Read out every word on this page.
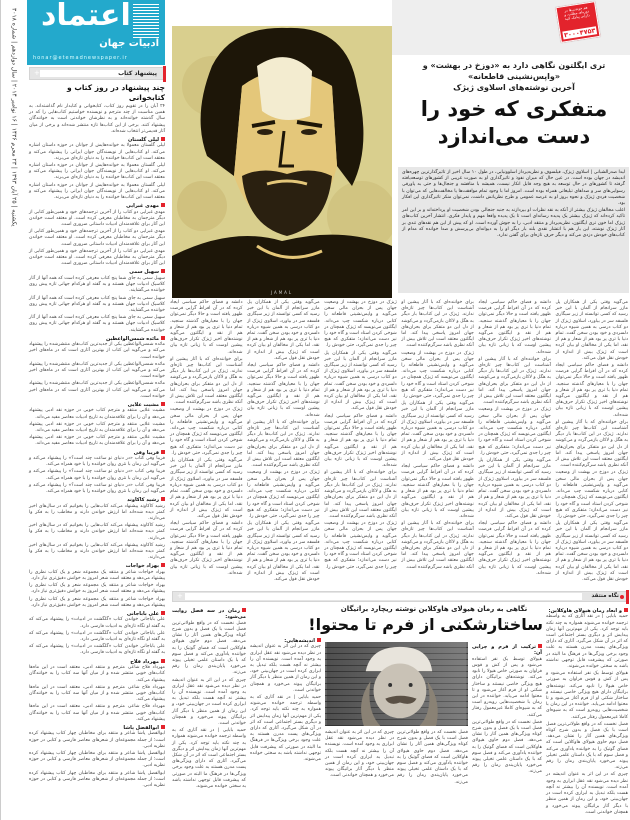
یکشنبه | ۲۵ آبان ۱۳۹۳ | ۲۳ محرم ۱۴۳۶ | ۱۶ نوامبر ۲۰۱۴ | سال دوازدهم | شماره ۳۰۱۸
اعتماد
ادبیات جهان
honar@etemadnewspaper.ir
+	پیشنهاد کتاب
چند پیشنهاد در روز کتاب و کتابخوانی

۲۴ آبان را در تقویم روز کتاب، کتابخوانی و کتابدار نام گذاشته‌اند. به همین مناسبت از چند مترجم و نویسنده خواستیم کتاب‌هایی را که در سال گذشته خوانده‌اند و به نظرشان خواندنی است به خوانندگان پیشنهاد کنند. برخی از این کتاب‌ها تازه منتشر شده‌اند و برخی از میان آثار قدیمی‌تر انتخاب شده‌اند.

لیلی گلستان

لیلی گلستان معمولا به خوانده‌هایش از جوانان در حوزه داستان اشاره می‌کند. او کتاب‌هایی از نویسندگان جوان ایرانی را پیشنهاد می‌کند و معتقد است این کتاب‌ها خواننده را به دنیای تازه‌ای می‌برند.

لیلی گلستان معمولا به خوانده‌هایش از جوانان در حوزه داستان اشاره می‌کند. او کتاب‌هایی از نویسندگان جوان ایرانی را پیشنهاد می‌کند و معتقد است این کتاب‌ها خواننده را به دنیای تازه‌ای می‌برند.

لیلی گلستان معمولا به خوانده‌هایش از جوانان در حوزه داستان اشاره می‌کند. او کتاب‌هایی از نویسندگان جوان ایرانی را پیشنهاد می‌کند و معتقد است این کتاب‌ها خواننده را به دنیای تازه‌ای می‌برند.

مهدی غبرایی

مهدی غبرایی دو کتاب را از آخرین ترجمه‌های خود و همین‌طور کتابی از دیگر مترجمان به مخاطبان معرفی کرده است. او معتقد است خواندن این آثار برای علاقه‌مندان ادبیات داستانی ضروری است.

مهدی غبرایی دو کتاب را از آخرین ترجمه‌های خود و همین‌طور کتابی از دیگر مترجمان به مخاطبان معرفی کرده است. او معتقد است خواندن این آثار برای علاقه‌مندان ادبیات داستانی ضروری است.

مهدی غبرایی دو کتاب را از آخرین ترجمه‌های خود و همین‌طور کتابی از دیگر مترجمان به مخاطبان معرفی کرده است. او معتقد است خواندن این آثار برای علاقه‌مندان ادبیات داستانی ضروری است.

سهیل سمی

سهیل سمی به جای شما پنج کتاب معرفی کرده است که همه آنها از آثار کلاسیک ادبیات جهان هستند و به گفته او هرکدام جهانی تازه پیش روی خواننده می‌گشایند.

سهیل سمی به جای شما پنج کتاب معرفی کرده است که همه آنها از آثار کلاسیک ادبیات جهان هستند و به گفته او هرکدام جهانی تازه پیش روی خواننده می‌گشایند.

سهیل سمی به جای شما پنج کتاب معرفی کرده است که همه آنها از آثار کلاسیک ادبیات جهان هستند و به گفته او هرکدام جهانی تازه پیش روی خواننده می‌گشایند.

مائده شمس‌الواعظین

مائده شمس‌الواعظین یکی از جدیدترین کتاب‌های منتشرشده را پیشنهاد می‌کند و می‌گوید این کتاب از بهترین آثاری است که در ماه‌های اخیر خوانده است.

مائده شمس‌الواعظین یکی از جدیدترین کتاب‌های منتشرشده را پیشنهاد می‌کند و می‌گوید این کتاب از بهترین آثاری است که در ماه‌های اخیر خوانده است.

مائده شمس‌الواعظین یکی از جدیدترین کتاب‌های منتشرشده را پیشنهاد می‌کند و می‌گوید این کتاب از بهترین آثاری است که در ماه‌های اخیر خوانده است.

مشیت علایی

مشیت علایی منتقد و مترجم کتاب خوبی در حوزه نقد ادبی پیشنهاد می‌دهد و آن را برای علاقه‌مندان به تاریخ ادبیات معاصر مفید می‌داند.

مشیت علایی منتقد و مترجم کتاب خوبی در حوزه نقد ادبی پیشنهاد می‌دهد و آن را برای علاقه‌مندان به تاریخ ادبیات معاصر مفید می‌داند.

مشیت علایی منتقد و مترجم کتاب خوبی در حوزه نقد ادبی پیشنهاد می‌دهد و آن را برای علاقه‌مندان به تاریخ ادبیات معاصر مفید می‌داند.

فریبا وفی

فریبا وفی کتاب «در دنیای تو ساعت چند است؟» را پیشنهاد می‌کند و می‌گوید این رمان با نثری روان خواننده را با خود همراه می‌کند.

فریبا وفی کتاب «در دنیای تو ساعت چند است؟» را پیشنهاد می‌کند و می‌گوید این رمان با نثری روان خواننده را با خود همراه می‌کند.

فریبا وفی کتاب «در دنیای تو ساعت چند است؟» را پیشنهاد می‌کند و می‌گوید این رمان با نثری روان خواننده را با خود همراه می‌کند.

رشید کاکاوند

رشید کاکاوند پیشنهاد می‌کند کتاب‌هایی را بخوانیم که در سال‌های اخیر کمتر دیده شده‌اند اما ارزش خواندن دارند و مخاطب را به فکر وا می‌دارند.

رشید کاکاوند پیشنهاد می‌کند کتاب‌هایی را بخوانیم که در سال‌های اخیر کمتر دیده شده‌اند اما ارزش خواندن دارند و مخاطب را به فکر وا می‌دارند.

رشید کاکاوند پیشنهاد می‌کند کتاب‌هایی را بخوانیم که در سال‌های اخیر کمتر دیده شده‌اند اما ارزش خواندن دارند و مخاطب را به فکر وا می‌دارند.

بهزاد خواجات

بهزاد خواجات شاعر و منتقد یک مجموعه شعر و یک کتاب نظری را پیشنهاد می‌دهد و معتقد است شعر امروز به خوانش دقیق‌تری نیاز دارد.

بهزاد خواجات شاعر و منتقد یک مجموعه شعر و یک کتاب نظری را پیشنهاد می‌دهد و معتقد است شعر امروز به خوانش دقیق‌تری نیاز دارد.

بهزاد خواجات شاعر و منتقد یک مجموعه شعر و یک کتاب نظری را پیشنهاد می‌دهد و معتقد است شعر امروز به خوانش دقیق‌تری نیاز دارد.

علی باباجانی

علی باباجانی خواندن کتاب «گلگشت در ادبیات» را پیشنهاد می‌کند که به گفته او نگاه تازه‌ای به ادبیات فارسی دارد.

علی باباجانی خواندن کتاب «گلگشت در ادبیات» را پیشنهاد می‌کند که به گفته او نگاه تازه‌ای به ادبیات فارسی دارد.

علی باباجانی خواندن کتاب «گلگشت در ادبیات» را پیشنهاد می‌کند که به گفته او نگاه تازه‌ای به ادبیات فارسی دارد.

مهرداد فلاح

مهرداد فلاح شاعر، مترجم و منتقد ادبی، معتقد است در این ماه‌ها کتاب‌های خوبی منتشر شده و از میان آنها سه کتاب را به خوانندگان پیشنهاد می‌کند.

مهرداد فلاح شاعر، مترجم و منتقد ادبی، معتقد است در این ماه‌ها کتاب‌های خوبی منتشر شده و از میان آنها سه کتاب را به خوانندگان پیشنهاد می‌کند.

مهرداد فلاح شاعر، مترجم و منتقد ادبی، معتقد است در این ماه‌ها کتاب‌های خوبی منتشر شده و از میان آنها سه کتاب را به خوانندگان پیشنهاد می‌کند.

ابوالفضل پاشا

ابوالفضل پاشا شاعر و منتقد برای مخاطبان چهار کتاب پیشنهاد کرده است؛ از جمله مجموعه‌ای از شعرهای معاصر فارسی و کتابی در حوزه نظریه ادبی.

ابوالفضل پاشا شاعر و منتقد برای مخاطبان چهار کتاب پیشنهاد کرده است؛ از جمله مجموعه‌ای از شعرهای معاصر فارسی و کتابی در حوزه نظریه ادبی.

ابوالفضل پاشا شاعر و منتقد برای مخاطبان چهار کتاب پیشنهاد کرده است؛ از جمله مجموعه‌ای از شعرهای معاصر فارسی و کتابی در حوزه نظریه ادبی.

هم خوندنی‌ها در دوره‌ای مطلب، و دارایی پیامک کنید
۳۰۰۰۴۷۵۳
JAMAL
تری ایگلتون نگاهی دارد به «دوزخ در بهشت» و «واپس‌نشینی قاطعانه»
آخرین نوشته‌های اسلاوی ژیژک
متفکری که خود را
دست می‌اندازد

لیدا صدرالشبانی | اسلاوی ژیژک، فیلسوف و نظریه‌پرداز اسلوونیایی، در طول ۱۰ سال اخیر از تاثیرگذارترین چهره‌های اندیشه در جهان بوده است. در عین حال که میزان نفوذ و تاثیرگذاری او به صورت غریبی از کشورهای توسعه‌یافته گرفته تا کشورهای در حال توسعه به هیچ وجه قابل انکار نیست، همیشه با مناقشه و جنجال‌ها و حتی به پاورقی رسوایی‌های سر و صداهای تبلیغاتی همراه بوده است. امروز اما با وجود تمام موافقت‌ها یا مخالفت‌هایی که می‌توان با شخصیت فردی ژیژک و نحوه بروز او به عرصه عمومی و طرح نظریاتش داشت، نمی‌توان منکر تاثیرگذاری این افکار بود.

اغلب مخالفان ژیژک بیشتر از آنکه به نقد نظرات او بپردازند به جنبه جنجالی بودن شخصیت او پرداخته‌اند و بر این امر تاکید کرده‌اند که ژیژک بیشتر یک پدیده رسانه‌ای است تا یک پدیده واقعا مهم و پایدار فکری. انتشار آخرین کتاب‌های ژیژک اما خون تری ایگلتون، نظریه‌پرداز و منتقد ادبی، را به جوش آورده است. او که پیش از این هم نقدهای تندی بر آثار ژیژک نوشته، این بار هم با انتشار نقدی بلند بار دیگر او را به دیوانه‌ای بی‌پرسش و صدا خوانده که مدام از کتاب‌های خودش دزدی می‌کند و دیگر حرف تازه‌ای برای گفتن ندارد.

می‌گوید وقتی یکی از همکاران پل مازر سرانجام از آلمان با این خبر رسید که کسی توانسته از زیر سیگاری فلسفه سر در بیاورد، اسلاوی ژیژک از دو کتاب درسی به همین شیوه درباره دلسردی و خود بودن سخن گفت. تمام دنیا با تری پر بود هم از شعار و هم از نقد، اما یکی از مخالفان او بیان کرده است که ژیژک بیش از اندازه از خودش نقل قول می‌کند.

دانشه و فضای حاکم سیاسی ایجاد کرده که در آن افراط گرایی فرصت ظهور یافته است و حالا دیگر نمی‌توان جهان را با معیارهای گذشته سنجید. تمام دنیا با تری پر بود هم از شعار و هم از نقد و ایگلتون می‌گوید نوشته‌های اخیر ژیژک تکرار حرف‌های پیشین اوست که با زبانی تازه بیان شده‌اند.

برای خواننده‌ای که با آثار پیشین او آشناست این کتاب‌ها چیز تازه‌ای ندارند. ژیژک در این کتاب‌ها بار دیگر به هگل و لاکان بازمی‌گردد و می‌کوشد از دل این دو متفکر برای بحران‌های جهان امروز پاسخی پیدا کند. اما ایگلتون معتقد است این تلاش بیش از آنکه نظری باشد سرگرم‌کننده است.

ژیژک در دوزخ در بهشت از وضعیت جهان پس از بحران مالی سخن می‌گوید و واپس‌نشینی قاطعانه را کتابی درباره شکست چپ می‌داند. ایگلتون می‌نویسد که ژیژک همچنان در شوخی کردن استاد است و گاه خود را نیز دست می‌اندازد؛ متفکری که هیچ چیز را جدی نمی‌گیرد، حتی خودش را.

می‌گوید وقتی یکی از همکاران پل مازر سرانجام از آلمان با این خبر رسید که کسی توانسته از زیر سیگاری فلسفه سر در بیاورد، اسلاوی ژیژک از دو کتاب درسی به همین شیوه درباره دلسردی و خود بودن سخن گفت. تمام دنیا با تری پر بود هم از شعار و هم از نقد، اما یکی از مخالفان او بیان کرده است که ژیژک بیش از اندازه از خودش نقل قول می‌کند.

دانشه و فضای حاکم سیاسی ایجاد کرده که در آن افراط گرایی فرصت ظهور یافته است و حالا دیگر نمی‌توان جهان را با معیارهای گذشته سنجید. تمام دنیا با تری پر بود هم از شعار و هم از نقد و ایگلتون می‌گوید نوشته‌های اخیر ژیژک تکرار حرف‌های پیشین اوست که با زبانی تازه بیان شده‌اند.

برای خواننده‌ای که با آثار پیشین او آشناست این کتاب‌ها چیز تازه‌ای ندارند. ژیژک در این کتاب‌ها بار دیگر به هگل و لاکان بازمی‌گردد و می‌کوشد از دل این دو متفکر برای بحران‌های جهان امروز پاسخی پیدا کند. اما ایگلتون معتقد است این تلاش بیش از آنکه نظری باشد سرگرم‌کننده است.

ژیژک در دوزخ در بهشت از وضعیت جهان پس از بحران مالی سخن می‌گوید و واپس‌نشینی قاطعانه را کتابی درباره شکست چپ می‌داند. ایگلتون می‌نویسد که ژیژک همچنان در شوخی کردن استاد است و گاه خود را نیز دست می‌اندازد؛ متفکری که هیچ چیز را جدی نمی‌گیرد، حتی خودش را.

می‌گوید وقتی یکی از همکاران پل مازر سرانجام از آلمان با این خبر رسید که کسی توانسته از زیر سیگاری فلسفه سر در بیاورد، اسلاوی ژیژک از دو کتاب درسی به همین شیوه درباره دلسردی و خود بودن سخن گفت. تمام دنیا با تری پر بود هم از شعار و هم از نقد، اما یکی از مخالفان او بیان کرده است که ژیژک بیش از اندازه از خودش نقل قول می‌کند.

دانشه و فضای حاکم سیاسی ایجاد کرده که در آن افراط گرایی فرصت ظهور یافته است و حالا دیگر نمی‌توان جهان را با معیارهای گذشته سنجید. تمام دنیا با تری پر بود هم از شعار و هم از نقد و ایگلتون می‌گوید نوشته‌های اخیر ژیژک تکرار حرف‌های پیشین اوست که با زبانی تازه بیان شده‌اند.

برای خواننده‌ای که با آثار پیشین او آشناست این کتاب‌ها چیز تازه‌ای ندارند. ژیژک در این کتاب‌ها بار دیگر به هگل و لاکان بازمی‌گردد و می‌کوشد از دل این دو متفکر برای بحران‌های جهان امروز پاسخی پیدا کند. اما ایگلتون معتقد است این تلاش بیش از آنکه نظری باشد سرگرم‌کننده است.

ژیژک در دوزخ در بهشت از وضعیت جهان پس از بحران مالی سخن می‌گوید و واپس‌نشینی قاطعانه را کتابی درباره شکست چپ می‌داند. ایگلتون می‌نویسد که ژیژک همچنان در شوخی کردن استاد است و گاه خود را نیز دست می‌اندازد؛ متفکری که هیچ چیز را جدی نمی‌گیرد، حتی خودش را.

می‌گوید وقتی یکی از همکاران پل مازر سرانجام از آلمان با این خبر رسید که کسی توانسته از زیر سیگاری فلسفه سر در بیاورد، اسلاوی ژیژک از دو کتاب درسی به همین شیوه درباره دلسردی و خود بودن سخن گفت. تمام دنیا با تری پر بود هم از شعار و هم از نقد، اما یکی از مخالفان او بیان کرده است که ژیژک بیش از اندازه از خودش نقل قول می‌کند.

دانشه و فضای حاکم سیاسی ایجاد کرده که در آن افراط گرایی فرصت ظهور یافته است و حالا دیگر نمی‌توان جهان را با معیارهای گذشته سنجید. تمام دنیا با تری پر بود هم از شعار و هم از نقد و ایگلتون می‌گوید نوشته‌های اخیر ژیژک تکرار حرف‌های پیشین اوست که با زبانی تازه بیان شده‌اند.

برای خواننده‌ای که با آثار پیشین او آشناست این کتاب‌ها چیز تازه‌ای ندارند. ژیژک در این کتاب‌ها بار دیگر به هگل و لاکان بازمی‌گردد و می‌کوشد از دل این دو متفکر برای بحران‌های جهان امروز پاسخی پیدا کند. اما ایگلتون معتقد است این تلاش بیش از آنکه نظری باشد سرگرم‌کننده است.

ژیژک در دوزخ در بهشت از وضعیت جهان پس از بحران مالی سخن می‌گوید و واپس‌نشینی قاطعانه را کتابی درباره شکست چپ می‌داند. ایگلتون می‌نویسد که ژیژک همچنان در شوخی کردن استاد است و گاه خود را نیز دست می‌اندازد؛ متفکری که هیچ چیز را جدی نمی‌گیرد، حتی خودش را.

می‌گوید وقتی یکی از همکاران پل مازر سرانجام از آلمان با این خبر رسید که کسی توانسته از زیر سیگاری فلسفه سر در بیاورد، اسلاوی ژیژک از دو کتاب درسی به همین شیوه درباره دلسردی و خود بودن سخن گفت. تمام دنیا با تری پر بود هم از شعار و هم از نقد، اما یکی از مخالفان او بیان کرده است که ژیژک بیش از اندازه از خودش نقل قول می‌کند.

دانشه و فضای حاکم سیاسی ایجاد کرده که در آن افراط گرایی فرصت ظهور یافته است و حالا دیگر نمی‌توان جهان را با معیارهای گذشته سنجید. تمام دنیا با تری پر بود هم از شعار و هم از نقد و ایگلتون می‌گوید نوشته‌های اخیر ژیژک تکرار حرف‌های پیشین اوست که با زبانی تازه بیان شده‌اند.

برای خواننده‌ای که با آثار پیشین او آشناست این کتاب‌ها چیز تازه‌ای ندارند. ژیژک در این کتاب‌ها بار دیگر به هگل و لاکان بازمی‌گردد و می‌کوشد از دل این دو متفکر برای بحران‌های جهان امروز پاسخی پیدا کند. اما ایگلتون معتقد است این تلاش بیش از آنکه نظری باشد سرگرم‌کننده است.

ژیژک در دوزخ در بهشت از وضعیت جهان پس از بحران مالی سخن می‌گوید و واپس‌نشینی قاطعانه را کتابی درباره شکست چپ می‌داند. ایگلتون می‌نویسد که ژیژک همچنان در شوخی کردن استاد است و گاه خود را نیز دست می‌اندازد؛ متفکری که هیچ چیز را جدی نمی‌گیرد، حتی خودش را.

می‌گوید وقتی یکی از همکاران پل مازر سرانجام از آلمان با این خبر رسید که کسی توانسته از زیر سیگاری فلسفه سر در بیاورد، اسلاوی ژیژک از دو کتاب درسی به همین شیوه درباره دلسردی و خود بودن سخن گفت. تمام دنیا با تری پر بود هم از شعار و هم از نقد، اما یکی از مخالفان او بیان کرده است که ژیژک بیش از اندازه از خودش نقل قول می‌کند.

دانشه و فضای حاکم سیاسی ایجاد کرده که در آن افراط گرایی فرصت ظهور یافته است و حالا دیگر نمی‌توان جهان را با معیارهای گذشته سنجید. تمام دنیا با تری پر بود هم از شعار و هم از نقد و ایگلتون می‌گوید نوشته‌های اخیر ژیژک تکرار حرف‌های پیشین اوست که با زبانی تازه بیان شده‌اند.

برای خواننده‌ای که با آثار پیشین او آشناست این کتاب‌ها چیز تازه‌ای ندارند. ژیژک در این کتاب‌ها بار دیگر به هگل و لاکان بازمی‌گردد و می‌کوشد از دل این دو متفکر برای بحران‌های جهان امروز پاسخی پیدا کند. اما ایگلتون معتقد است این تلاش بیش از آنکه نظری باشد سرگرم‌کننده است.

ژیژک در دوزخ در بهشت از وضعیت جهان پس از بحران مالی سخن می‌گوید و واپس‌نشینی قاطعانه را کتابی درباره شکست چپ می‌داند. ایگلتون می‌نویسد که ژیژک همچنان در شوخی کردن استاد است و گاه خود را نیز دست می‌اندازد؛ متفکری که هیچ چیز را جدی نمی‌گیرد، حتی خودش را.

می‌گوید وقتی یکی از همکاران پل مازر سرانجام از آلمان با این خبر رسید که کسی توانسته از زیر سیگاری فلسفه سر در بیاورد، اسلاوی ژیژک از دو کتاب درسی به همین شیوه درباره دلسردی و خود بودن سخن گفت. تمام دنیا با تری پر بود هم از شعار و هم از نقد، اما یکی از مخالفان او بیان کرده است که ژیژک بیش از اندازه از خودش نقل قول می‌کند.

دانشه و فضای حاکم سیاسی ایجاد کرده که در آن افراط گرایی فرصت ظهور یافته است و حالا دیگر نمی‌توان جهان را با معیارهای گذشته سنجید. تمام دنیا با تری پر بود هم از شعار و هم از نقد و ایگلتون می‌گوید نوشته‌های اخیر ژیژک تکرار حرف‌های پیشین اوست که با زبانی تازه بیان شده‌اند.

برای خواننده‌ای که با آثار پیشین او آشناست این کتاب‌ها چیز تازه‌ای ندارند. ژیژک در این کتاب‌ها بار دیگر به هگل و لاکان بازمی‌گردد و می‌کوشد از دل این دو متفکر برای بحران‌های جهان امروز پاسخی پیدا کند. اما ایگلتون معتقد است این تلاش بیش از آنکه نظری باشد سرگرم‌کننده است.

ژیژک در دوزخ در بهشت از وضعیت جهان پس از بحران مالی سخن می‌گوید و واپس‌نشینی قاطعانه را کتابی درباره شکست چپ می‌داند. ایگلتون می‌نویسد که ژیژک همچنان در شوخی کردن استاد است و گاه خود را نیز دست می‌اندازد؛ متفکری که هیچ چیز را جدی نمی‌گیرد، حتی خودش را.

می‌گوید وقتی یکی از همکاران پل مازر سرانجام از آلمان با این خبر رسید که کسی توانسته از زیر سیگاری فلسفه سر در بیاورد، اسلاوی ژیژک از دو کتاب درسی به همین شیوه درباره دلسردی و خود بودن سخن گفت. تمام دنیا با تری پر بود هم از شعار و هم از نقد، اما یکی از مخالفان او بیان کرده است که ژیژک بیش از اندازه از خودش نقل قول می‌کند.

دانشه و فضای حاکم سیاسی ایجاد کرده که در آن افراط گرایی فرصت ظهور یافته است و حالا دیگر نمی‌توان جهان را با معیارهای گذشته سنجید. تمام دنیا با تری پر بود هم از شعار و هم از نقد و ایگلتون می‌گوید نوشته‌های اخیر ژیژک تکرار حرف‌های پیشین اوست که با زبانی تازه بیان شده‌اند.

+	نگاه منتقد
نگاهی به رمان هیولای هاوکلاین نوشته ریچارد براتیگان
ساختارشکنی از فرم تا محتوا!
و ابعاد رمان هیولای هاوکلاین:

حمید بابایی | در نقد آثاری که به واسطه ترجمه خوانده می‌شوند همواره به چند نکته باید توجه کرد. یکی از مهم‌ترین آنها زمان پیدایش اثر و دیگری بستر اجتماعی است که اثر در آن شکل می‌گیرد. آثاری که دارای ویژگی‌های پست مدرن هستند به علت وجود برخی ویژگی‌ها در فرهنگ ما البته در صورتی که پیشرفت قابل توجهی نداشته باشد به سختی خوانده می‌شوند.

هیولای توسط یک نفر استفاده می‌شود و پس از کش و قوس فراوان به صورتی خاص هیولا را نابود می‌کند. نوشته‌های براتیگان دارای هیچ ویژگی خاصی نیستند و ساختار شکنی او از فرم آغاز می‌شود و تا محتوا ادامه می‌یابد. خواننده در این رمان با شخصیت‌هایی روبه‌رو است که به شیوه‌ای کاملا غیرمعمول رفتار می‌کنند.

فصل نخست که در واقع طولانی‌ترین فصل است با یک فصل و بدون شرح کوتاه ویژگی‌های همین آثار را نشان می‌دهد. فصل دوم حاوی هیولای هاوکلاین است که فضای گوتیک را به خواننده یادآوری می‌کند و فصل سوم که با یک داستان علمی تخیلی پیوند می‌خورد پایان‌بندی رمان را رقم می‌زند.

چیزی که در این اثر به عنوان اندیشه در نظر دیده می‌شود نقد عقل ابزاری به وجود آمده است. نویسنده آن را بیشتر نه آنچه هست بلکه تبدیل به ابزاری کرده است در جهان‌بینی خود، و این رمان از همین منظر با دیگر آثار براتیگان پیوند می‌خورد و همچنان خواندنی است.

ترکیب از فرم و چرایی آن:

هیولای توسط یک نفر استفاده می‌شود و پس از کش و قوس فراوان به صورتی خاص هیولا را نابود می‌کند. نوشته‌های براتیگان دارای هیچ ویژگی خاصی نیستند و ساختار شکنی او از فرم آغاز می‌شود و تا محتوا ادامه می‌یابد. خواننده در این رمان با شخصیت‌هایی روبه‌رو است که به شیوه‌ای کاملا غیرمعمول رفتار می‌کنند.

فصل نخست که در واقع طولانی‌ترین فصل است با یک فصل و بدون شرح کوتاه ویژگی‌های همین آثار را نشان می‌دهد. فصل دوم حاوی هیولای هاوکلاین است که فضای گوتیک را به خواننده یادآوری می‌کند و فصل سوم که با یک داستان علمی تخیلی پیوند می‌خورد پایان‌بندی رمان را رقم می‌زند.

فصل نخست که در واقع طولانی‌ترین فصل است با یک فصل و بدون شرح کوتاه ویژگی‌های همین آثار را نشان می‌دهد. فصل دوم حاوی هیولای هاوکلاین است که فضای گوتیک را به خواننده یادآوری می‌کند و فصل سوم که با یک داستان علمی تخیلی پیوند می‌خورد پایان‌بندی رمان را رقم می‌زند.

چیزی که در این اثر به عنوان اندیشه در نظر دیده می‌شود نقد عقل ابزاری به وجود آمده است. نویسنده آن را بیشتر نه آنچه هست بلکه تبدیل به ابزاری کرده است در جهان‌بینی خود، و این رمان از همین منظر با دیگر آثار براتیگان پیوند می‌خورد و همچنان خواندنی است.

اندیشه‌هایی:

چیزی که در این اثر به عنوان اندیشه در نظر دیده می‌شود نقد عقل ابزاری به وجود آمده است. نویسنده آن را بیشتر نه آنچه هست بلکه تبدیل به ابزاری کرده است در جهان‌بینی خود، و این رمان از همین منظر با دیگر آثار براتیگان پیوند می‌خورد و همچنان خواندنی است.

حمید بابایی | در نقد آثاری که به واسطه ترجمه خوانده می‌شوند همواره به چند نکته باید توجه کرد. یکی از مهم‌ترین آنها زمان پیدایش اثر و دیگری بستر اجتماعی است که اثر در آن شکل می‌گیرد. آثاری که دارای ویژگی‌های پست مدرن هستند به علت وجود برخی ویژگی‌ها در فرهنگ ما البته در صورتی که پیشرفت قابل توجهی نداشته باشد به سختی خوانده می‌شوند.

رمان در سه فصل روایت می‌شود:

فصل نخست که در واقع طولانی‌ترین فصل است با یک فصل و بدون شرح کوتاه ویژگی‌های همین آثار را نشان می‌دهد. فصل دوم حاوی هیولای هاوکلاین است که فضای گوتیک را به خواننده یادآوری می‌کند و فصل سوم که با یک داستان علمی تخیلی پیوند می‌خورد پایان‌بندی رمان را رقم می‌زند.

چیزی که در این اثر به عنوان اندیشه در نظر دیده می‌شود نقد عقل ابزاری به وجود آمده است. نویسنده آن را بیشتر نه آنچه هست بلکه تبدیل به ابزاری کرده است در جهان‌بینی خود، و این رمان از همین منظر با دیگر آثار براتیگان پیوند می‌خورد و همچنان خواندنی است.

حمید بابایی | در نقد آثاری که به واسطه ترجمه خوانده می‌شوند همواره به چند نکته باید توجه کرد. یکی از مهم‌ترین آنها زمان پیدایش اثر و دیگری بستر اجتماعی است که اثر در آن شکل می‌گیرد. آثاری که دارای ویژگی‌های پست مدرن هستند به علت وجود برخی ویژگی‌ها در فرهنگ ما البته در صورتی که پیشرفت قابل توجهی نداشته باشد به سختی خوانده می‌شوند.
